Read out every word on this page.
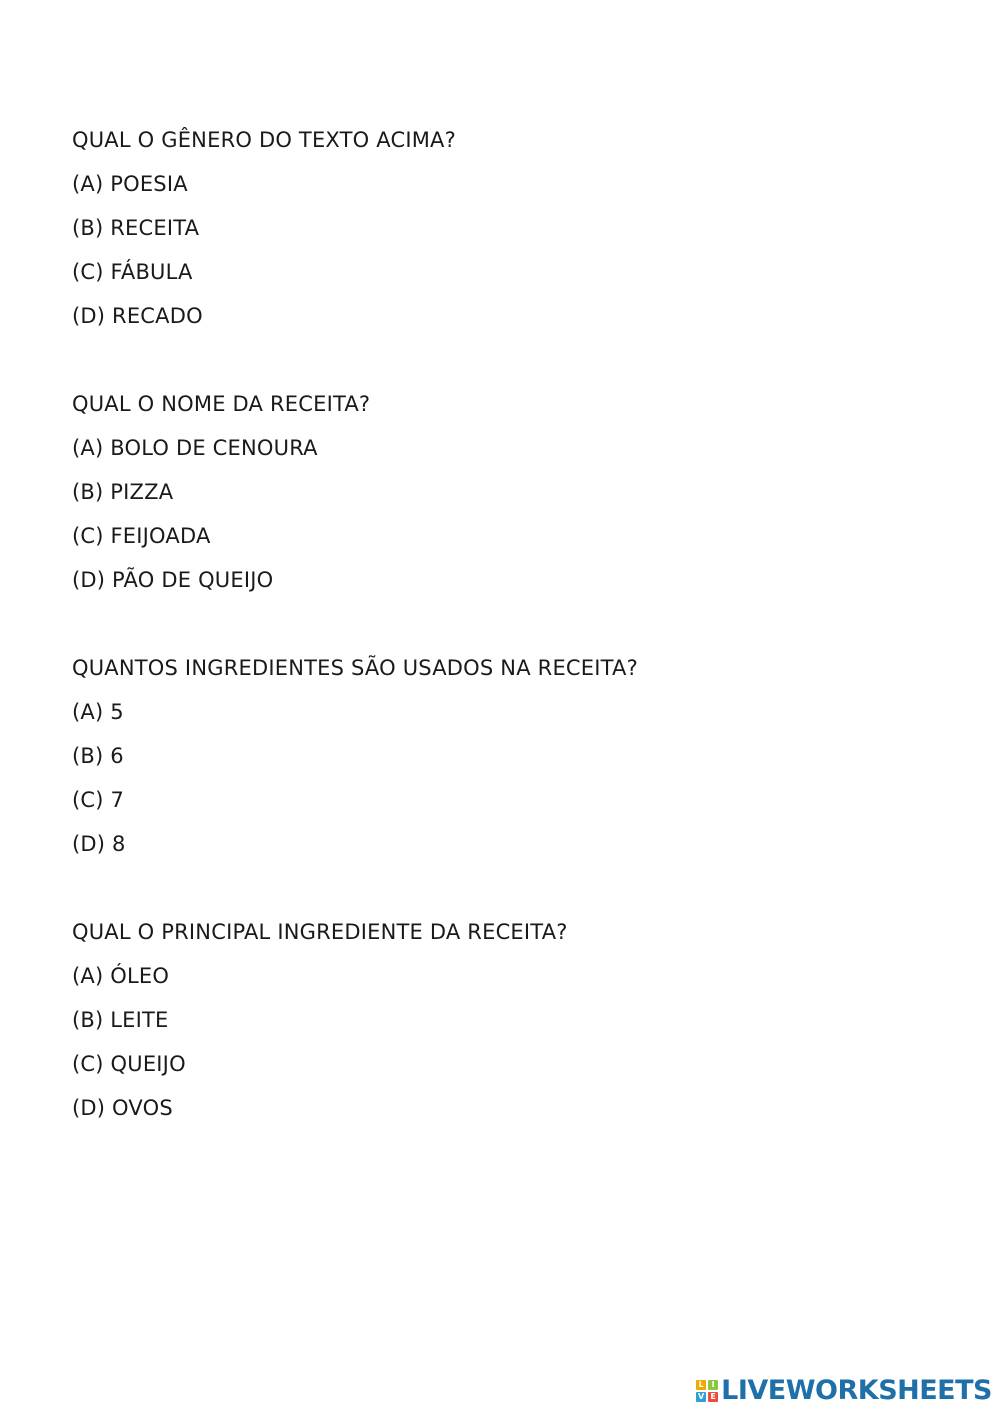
QUAL O GÊNERO DO TEXTO ACIMA?
(A) POESIA
(B) RECEITA
(C) FÁBULA
(D) RECADO
QUAL O NOME DA RECEITA?
(A) BOLO DE CENOURA
(B) PIZZA
(C) FEIJOADA
(D) PÃO DE QUEIJO
QUANTOS INGREDIENTES SÃO USADOS NA RECEITA?
(A) 5
(B) 6
(C) 7
(D) 8
QUAL O PRINCIPAL INGREDIENTE DA RECEITA?
(A) ÓLEO
(B) LEITE
(C) QUEIJO
(D) OVOS
L I
V E LIVEWORKSHEETS
